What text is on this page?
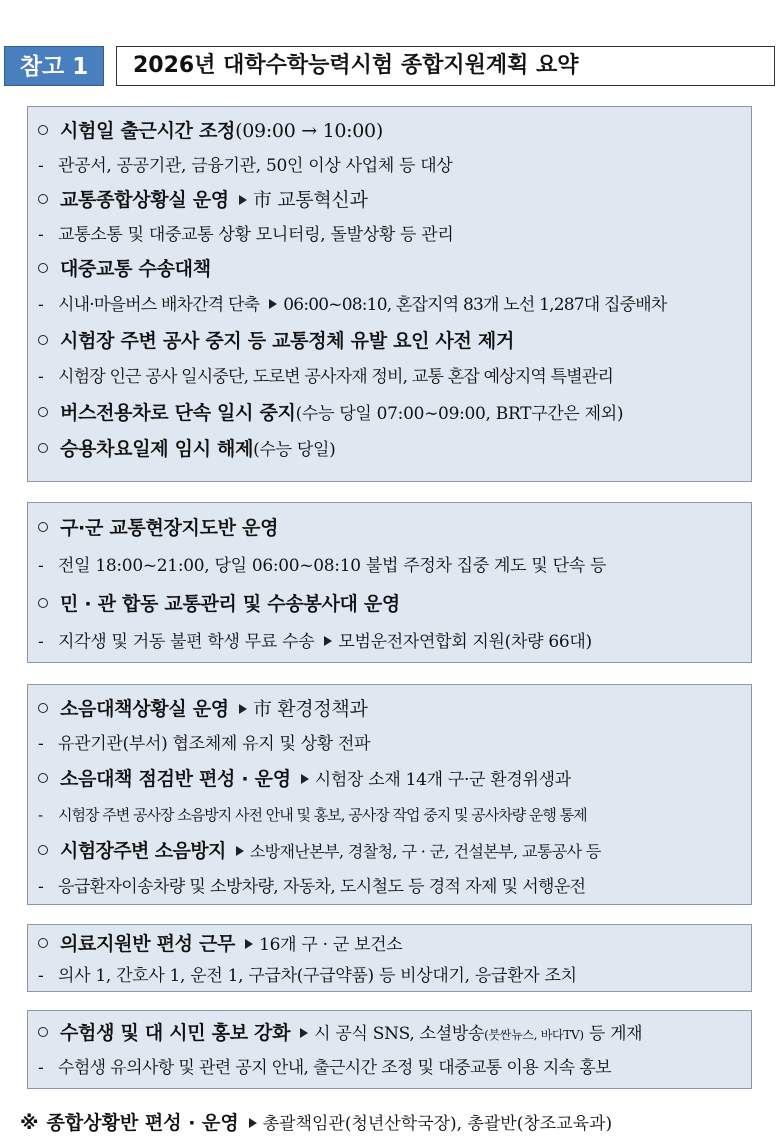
참고 1	2026년 대학수학능력시험 종합지원계획 요약
시험일 출근시간 조정(09:00 → 10:00)
- 관공서, 공공기관, 금융기관, 50인 이상 사업체 등 대상
교통종합상황실 운영 市 교통혁신과
- 교통소통 및 대중교통 상황 모니터링, 돌발상황 등 관리
대중교통 수송대책
- 시내·마을버스 배차간격 단축 06:00~08:10, 혼잡지역 83개 노선 1,287대 집중배차
시험장 주변 공사 중지 등 교통정체 유발 요인 사전 제거
- 시험장 인근 공사 일시중단, 도로변 공사자재 정비, 교통 혼잡 예상지역 특별관리
버스전용차로 단속 일시 중지(수능 당일 07:00∼09:00, BRT구간은 제외)
승용차요일제 임시 해제(수능 당일)
구·군 교통현장지도반 운영
- 전일 18:00~21:00, 당일 06:00~08:10 불법 주정차 집중 계도 및 단속 등
민 · 관 합동 교통관리 및 수송봉사대 운영
- 지각생 및 거동 불편 학생 무료 수송 모범운전자연합회 지원(차량 66대)
소음대책상황실 운영 市 환경정책과
- 유관기관(부서) 협조체제 유지 및 상황 전파
소음대책 점검반 편성 · 운영 시험장 소재 14개 구·군 환경위생과
- 시험장 주변 공사장 소음방지 사전 안내 및 홍보, 공사장 작업 중지 및 공사차량 운행 통제
시험장주변 소음방지 소방재난본부, 경찰청, 구 · 군, 건설본부, 교통공사 등
- 응급환자이송차량 및 소방차량, 자동차, 도시철도 등 경적 자제 및 서행운전
의료지원반 편성 근무 16개 구 · 군 보건소
- 의사 1, 간호사 1, 운전 1, 구급차(구급약품) 등 비상대기, 응급환자 조치
수험생 및 대 시민 홍보 강화 시 공식 SNS, 소셜방송(붓싼뉴스, 바다TV) 등 게재
- 수험생 유의사항 및 관련 공지 안내, 출근시간 조정 및 대중교통 이용 지속 홍보
※ 종합상황반 편성 · 운영 총괄책임관(청년산학국장), 총괄반(창조교육과)
